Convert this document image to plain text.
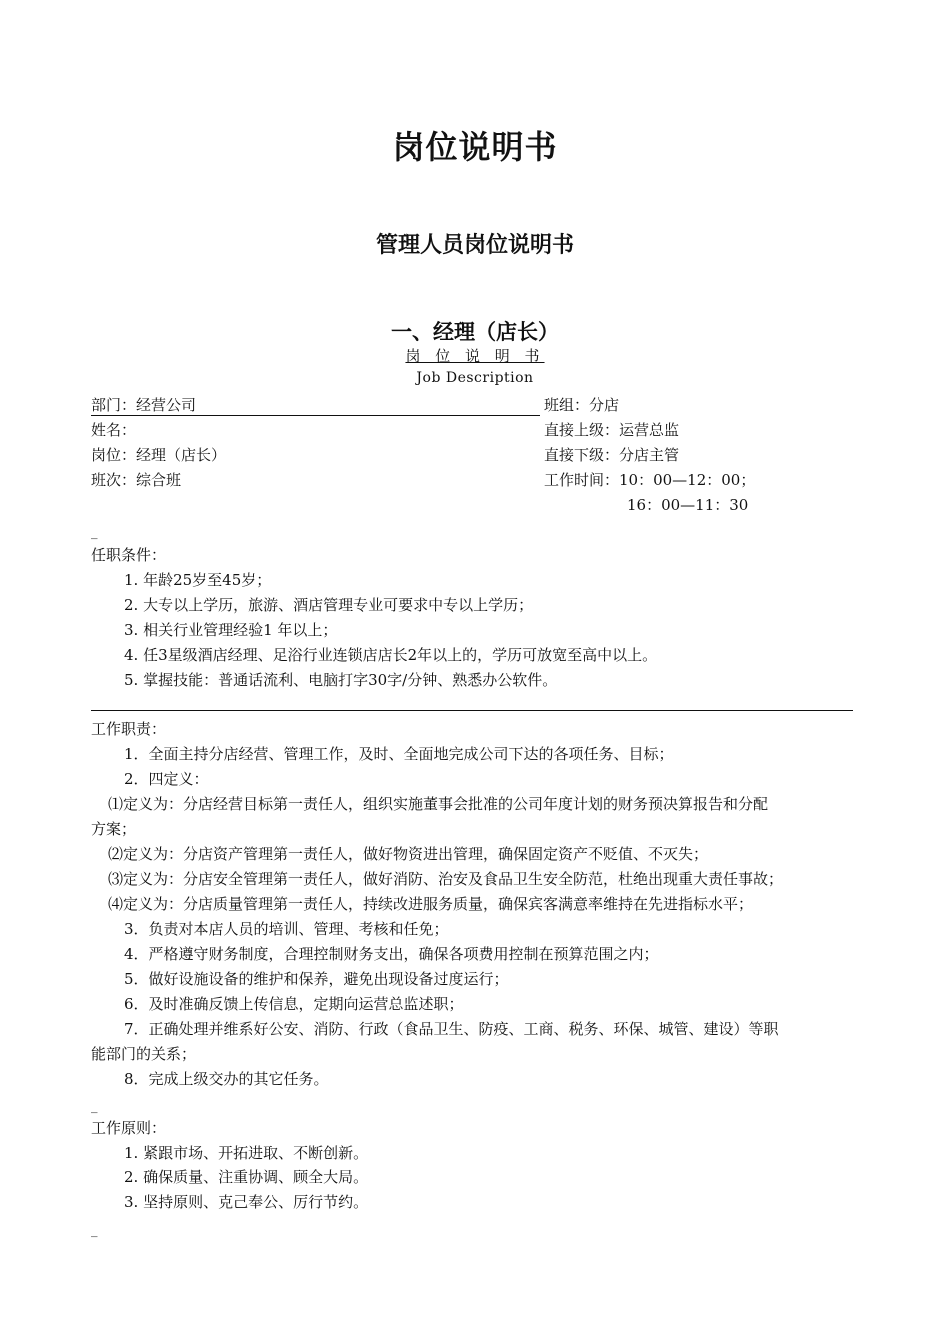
岗位说明书
管理人员岗位说明书
一、经理（店长）
岗 位 说 明 书
Job Description
部门：经营公司	班组：分店
姓名：	直接上级：运营总监
岗位：经理（店长）	直接下级：分店主管
班次：综合班	工作时间：10：00—12：00；
16：00—11：30
_
任职条件：
1. 年龄25岁至45岁；
2. 大专以上学历，旅游、酒店管理专业可要求中专以上学历；
3. 相关行业管理经验1 年以上；
4. 任3星级酒店经理、足浴行业连锁店店长2年以上的，学历可放宽至高中以上。
5. 掌握技能：普通话流利、电脑打字30字/分钟、熟悉办公软件。
工作职责：
1．全面主持分店经营、管理工作，及时、全面地完成公司下达的各项任务、目标；
2．四定义：
⑴定义为：分店经营目标第一责任人，组织实施董事会批准的公司年度计划的财务预决算报告和分配
方案；
⑵定义为：分店资产管理第一责任人，做好物资进出管理，确保固定资产不贬值、不灭失；
⑶定义为：分店安全管理第一责任人，做好消防、治安及食品卫生安全防范，杜绝出现重大责任事故；
⑷定义为：分店质量管理第一责任人，持续改进服务质量，确保宾客满意率维持在先进指标水平；
3．负责对本店人员的培训、管理、考核和任免；
4．严格遵守财务制度，合理控制财务支出，确保各项费用控制在预算范围之内；
5．做好设施设备的维护和保养，避免出现设备过度运行；
6．及时准确反馈上传信息，定期向运营总监述职；
7．正确处理并维系好公安、消防、行政（食品卫生、防疫、工商、税务、环保、城管、建设）等职
能部门的关系；
8．完成上级交办的其它任务。
_
工作原则：
1. 紧跟市场、开拓进取、不断创新。
2. 确保质量、注重协调、顾全大局。
3. 坚持原则、克己奉公、厉行节约。
_
